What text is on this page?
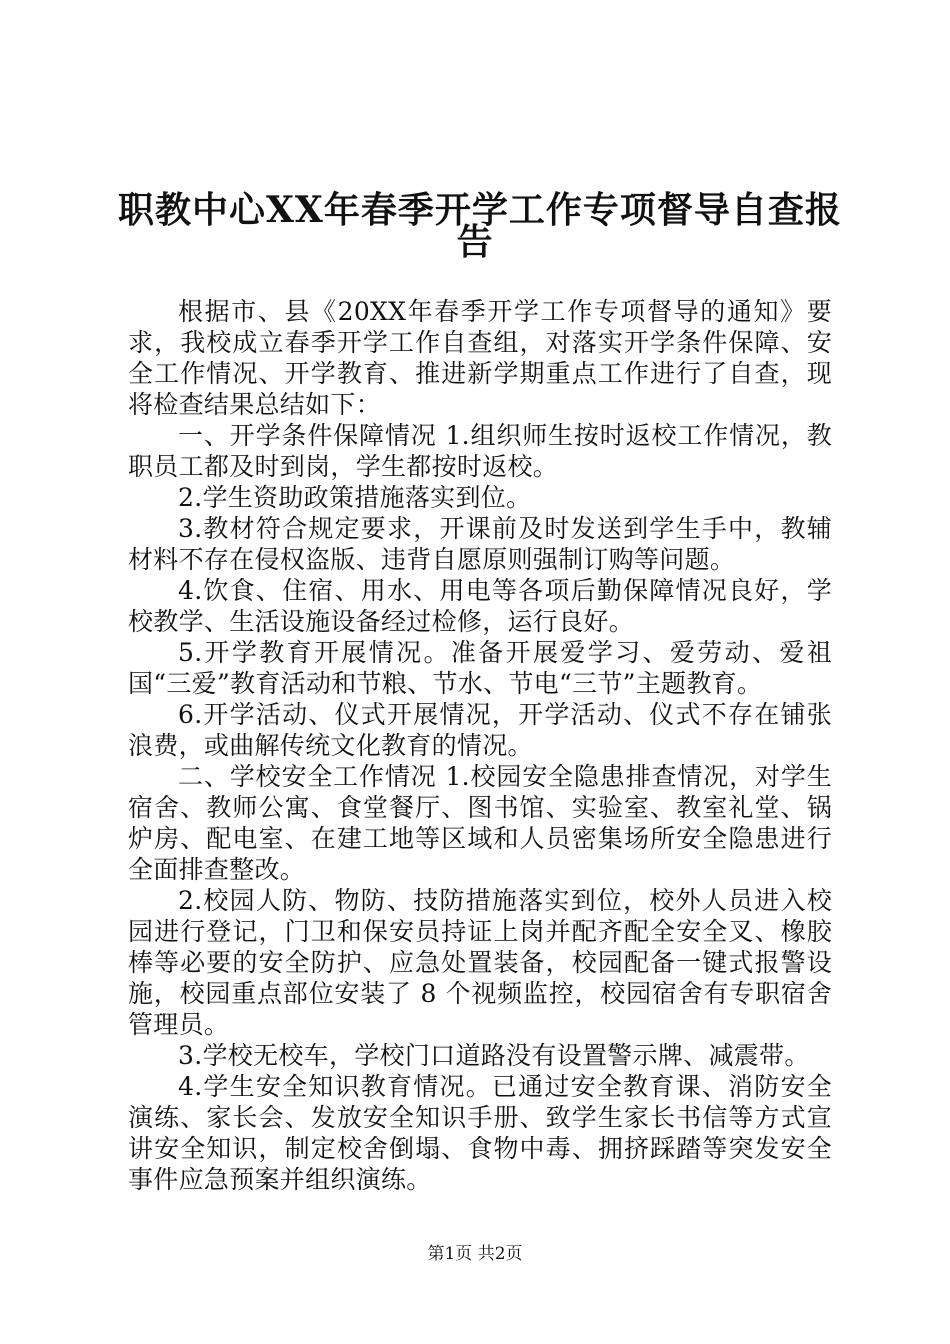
职教中心XX年春季开学工作专项督导自查报
告

根据市、县《20XX年春季开学工作专项督导的通知》要求，我校成立春季开学工作自查组，对落实开学条件保障、安全工作情况、开学教育、推进新学期重点工作进行了自查，现将检查结果总结如下：

一、开学条件保障情况 1.组织师生按时返校工作情况，教职员工都及时到岗，学生都按时返校。

2.学生资助政策措施落实到位。

3.教材符合规定要求，开课前及时发送到学生手中，教辅材料不存在侵权盗版、违背自愿原则强制订购等问题。

4.饮食、住宿、用水、用电等各项后勤保障情况良好，学校教学、生活设施设备经过检修，运行良好。

5.开学教育开展情况。准备开展爱学习、爱劳动、爱祖国“三爱”教育活动和节粮、节水、节电“三节”主题教育。

6.开学活动、仪式开展情况，开学活动、仪式不存在铺张浪费，或曲解传统文化教育的情况。

二、学校安全工作情况 1.校园安全隐患排查情况，对学生宿舍、教师公寓、食堂餐厅、图书馆、实验室、教室礼堂、锅炉房、配电室、在建工地等区域和人员密集场所安全隐患进行全面排查整改。

2.校园人防、物防、技防措施落实到位，校外人员进入校园进行登记，门卫和保安员持证上岗并配齐配全安全叉、橡胶棒等必要的安全防护、应急处置装备，校园配备一键式报警设施，校园重点部位安装了 8 个视频监控，校园宿舍有专职宿舍管理员。

3.学校无校车，学校门口道路没有设置警示牌、减震带。

4.学生安全知识教育情况。已通过安全教育课、消防安全演练、家长会、发放安全知识手册、致学生家长书信等方式宣讲安全知识，制定校舍倒塌、食物中毒、拥挤踩踏等突发安全事件应急预案并组织演练。

第1页 共2页
